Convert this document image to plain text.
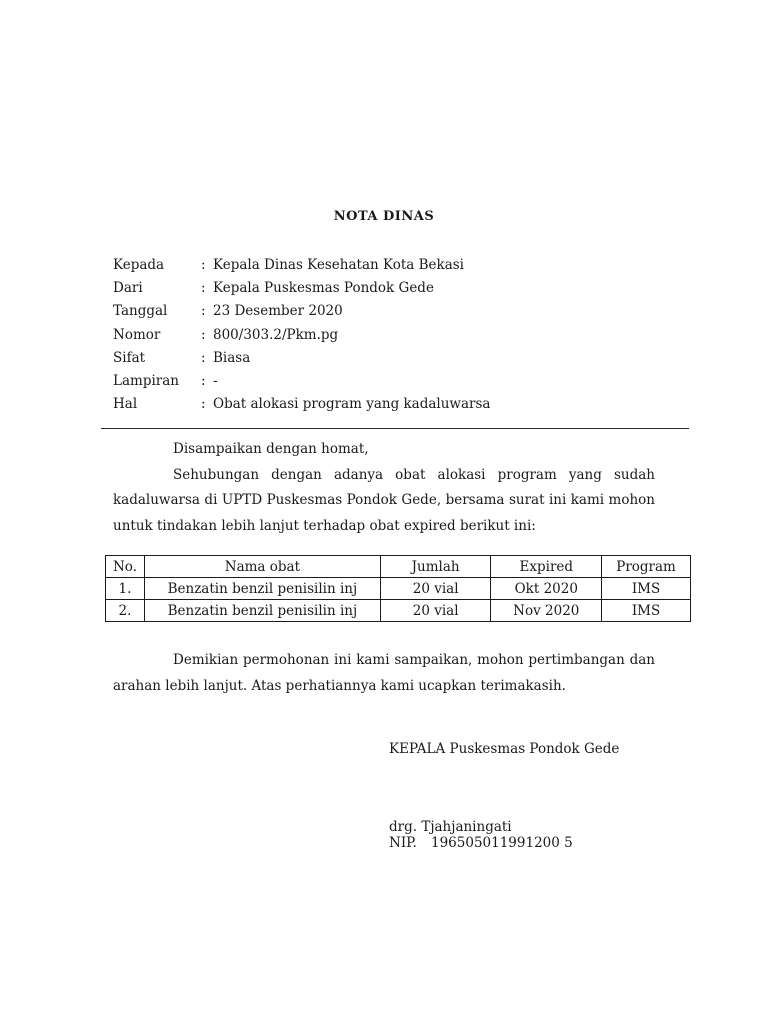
NOTA DINAS
Kepada	: Kepala Dinas Kesehatan Kota Bekasi
Dari	: Kepala Puskesmas Pondok Gede
Tanggal	: 23 Desember 2020
Nomor	: 800/303.2/Pkm.pg
Sifat	: Biasa
Lampiran	: -
Hal	: Obat alokasi program yang kadaluwarsa
Disampaikan dengan homat,
Sehubungan dengan adanya obat alokasi program yang sudah kadaluwarsa di UPTD Puskesmas Pondok Gede, bersama surat ini kami mohon untuk tindakan lebih lanjut terhadap obat expired berikut ini:
No.	Nama obat	Jumlah	Expired	Program
1.	Benzatin benzil penisilin inj	20 vial	Okt 2020	IMS
2.	Benzatin benzil penisilin inj	20 vial	Nov 2020	IMS
Demikian permohonan ini kami sampaikan, mohon pertimbangan dan arahan lebih lanjut. Atas perhatiannya kami ucapkan terimakasih.
KEPALA Puskesmas Pondok Gede
drg. Tjahjaningati
NIP. 196505011991200 5
